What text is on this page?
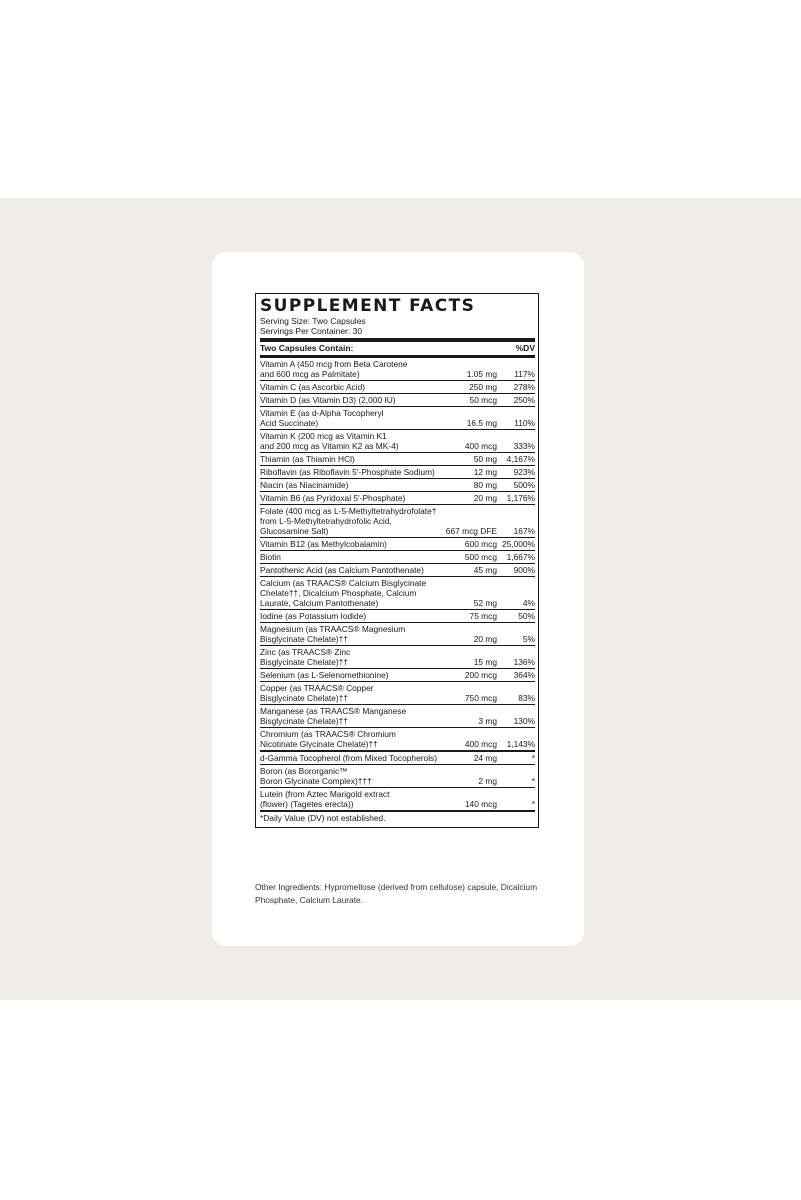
SUPPLEMENT FACTS
Serving Size: Two Capsules
Servings Per Container: 30
Two Capsules Contain:	%DV
Vitamin A (450 mcg from Beta Carotene
and 600 mcg as Palmitate)	1.05 mg	117%
Vitamin C (as Ascorbic Acid)	250 mg	278%
Vitamin D (as Vitamin D3) (2,000 IU)	50 mcg	250%
Vitamin E (as d-Alpha Tocopheryl
Acid Succinate)	16.5 mg	110%
Vitamin K (200 mcg as Vitamin K1
and 200 mcg as Vitamin K2 as MK-4)	400 mcg	333%
Thiamin (as Thiamin HCl)	50 mg	4,167%
Riboflavin (as Riboflavin 5'-Phosphate Sodium)	12 mg	923%
Niacin (as Niacinamide)	80 mg	500%
Vitamin B6 (as Pyridoxal 5'-Phosphate)	20 mg	1,176%
Folate (400 mcg as L-5-Methyltetrahydrofolate†
from L-5-Methyltetrahydrofolic Acid,
Glucosamine Salt)	667 mcg DFE	167%
Vitamin B12 (as Methylcobalamin)	600 mcg 25,000%
Biotin	500 mcg	1,667%
Pantothenic Acid (as Calcium Pantothenate)	45 mg	900%
Calcium (as TRAACS® Calcium Bisglycinate
Chelate††, Dicalcium Phosphate, Calcium
Laurate, Calcium Pantothenate)	52 mg	4%
Iodine (as Potassium Iodide)	75 mcg	50%
Magnesium (as TRAACS® Magnesium
Bisglycinate Chelate)††	20 mg	5%
Zinc (as TRAACS® Zinc
Bisglycinate Chelate)††	15 mg	136%
Selenium (as L-Selenomethionine)	200 mcg	364%
Copper (as TRAACS® Copper
Bisglycinate Chelate)††	750 mcg	83%
Manganese (as TRAACS® Manganese
Bisglycinate Chelate)††	3 mg	130%
Chromium (as TRAACS® Chromium
Nicotinate Glycinate Chelate)††	400 mcg	1,143%
d-Gamma Tocopherol (from Mixed Tocopherols)	24 mg	*
Boron (as Bororganic™
Boron Glycinate Complex)†††	2 mg	*
Lutein (from Aztec Marigold extract
(flower) (Tagetes erecta))	140 mcg	*
*Daily Value (DV) not established.
Other Ingredients: Hypromellose (derived from cellulose) capsule, Dicalcium Phosphate, Calcium Laurate.
